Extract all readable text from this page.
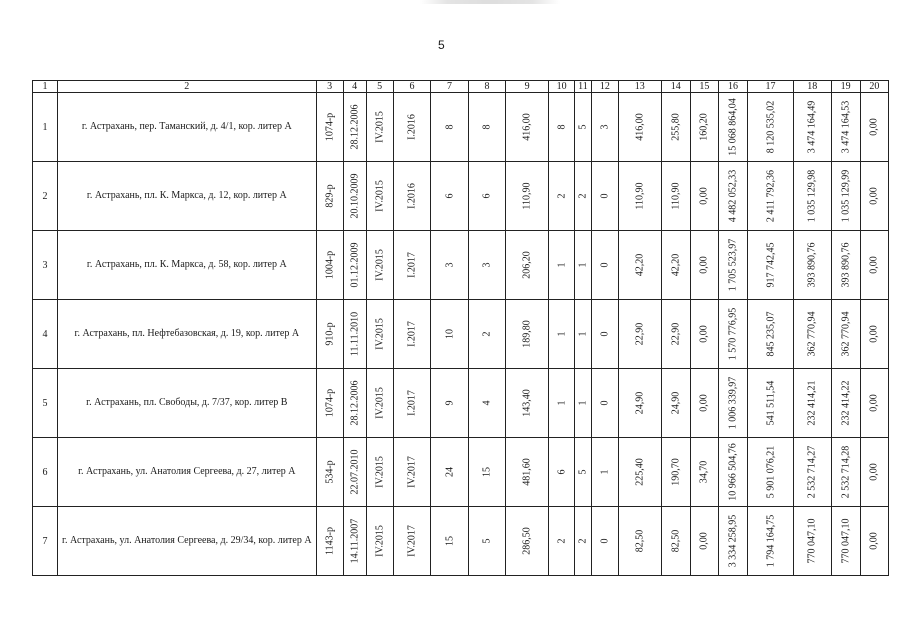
5
1	2	3	4	5	6	7	8	9	10	11	12	13	14	15	16	17	18	19	20
1	г. Астрахань, пер. Таманский, д. 4/1, кор. литер А	1074-р	28.12.2006	IV.2015	I.2016	8	8	416,00	8	5	3	416,00	255,80	160,20	15 068 864,04	8 120 535,02	3 474 164,49	3 474 164,53	0,00

2	г. Астрахань, пл. К. Маркса, д. 12, кор. литер А	829-р	20.10.2009	IV.2015	I.2016	6	6	110,90	2	2	0	110,90	110,90	0,00	4 482 052,33	2 411 792,36	1 035 129,98	1 035 129,99	0,00

3	г. Астрахань, пл. К. Маркса, д. 58, кор. литер А	1004-р	01.12.2009	IV.2015	I.2017	3	3	206,20	1	1	0	42,20	42,20	0,00	1 705 523,97	917 742,45	393 890,76	393 890,76	0,00

4	г. Астрахань, пл. Нефтебазовская, д. 19, кор. литер А	910-р	11.11.2010	IV.2015	I.2017	10	2	189,80	1	1	0	22,90	22,90	0,00	1 570 776,95	845 235,07	362 770,94	362 770,94	0,00

5	г. Астрахань, пл. Свободы, д. 7/37, кор. литер В	1074-р	28.12.2006	IV.2015	I.2017	9	4	143,40	1	1	0	24,90	24,90	0,00	1 006 339,97	541 511,54	232 414,21	232 414,22	0,00

6	г. Астрахань, ул. Анатолия Сергеева, д. 27, литер А	534-р	22.07.2010	IV.2015	IV.2017	24	15	481,60	6	5	1	225,40	190,70	34,70	10 966 504,76	5 901 076,21	2 532 714,27	2 532 714,28	0,00

7	г. Астрахань, ул. Анатолия Сергеева, д. 29/34, кор. литер А	1143-р	14.11.2007	IV.2015	IV.2017	15	5	286,50	2	2	0	82,50	82,50	0,00	3 334 258,95	1 794 164,75	770 047,10	770 047,10	0,00
